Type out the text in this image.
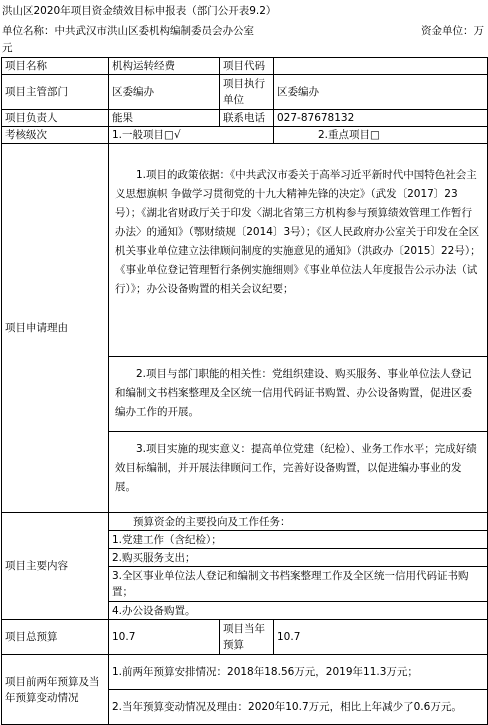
洪山区2020年项目资金绩效目标申报表（部门公开表9.2）
单位名称：中共武汉市洪山区委机构编制委员会办公室	资金单位：万
元
项目名称	机构运转经费	项目代码	
项目主管部门	区委编办	项目执行单位	区委编办
项目负责人	能果	联系电话	027-87678132
考核级次	1.一般项目□√		2.重点项目□
项目申请理由	1.项目的政策依据：《中共武汉市委关于高举习近平新时代中国特色社会主义思想旗帜 争做学习贯彻党的十九大精神先锋的决定》（武发〔2017〕23号）；《湖北省财政厅关于印发〈湖北省第三方机构参与预算绩效管理工作暂行办法〉的通知》（鄂财绩规〔2014〕3号）；《区人民政府办公室关于印发在全区机关事业单位建立法律顾问制度的实施意见的通知》（洪政办〔2015〕22号）；《事业单位登记管理暂行条例实施细则》《事业单位法人年度报告公示办法（试行）》；办公设备购置的相关会议纪要；		
	2.项目与部门职能的相关性：党组织建设、购买服务、事业单位法人登记和编制文书档案整理及全区统一信用代码证书购置、办公设备购置，促进区委编办工作的开展。		
	3.项目实施的现实意义：提高单位党建（纪检）、业务工作水平；完成好绩效目标编制，并开展法律顾问工作，完善好设备购置，以促进编办事业的发展。		
项目主要内容	预算资金的主要投向及工作任务：		
	1.党建工作（含纪检）；		
	2.购买服务支出；		
	3.全区事业单位法人登记和编制文书档案整理工作及全区统一信用代码证书购置；		
	4.办公设备购置。		
项目总预算	10.7	项目当年预算	10.7
项目前两年预算及当年预算变动情况	1.前两年预算安排情况：2018年18.56万元，2019年11.3万元；		
	2.当年预算变动情况及理由：2020年10.7万元，相比上年减少了0.6万元。		
